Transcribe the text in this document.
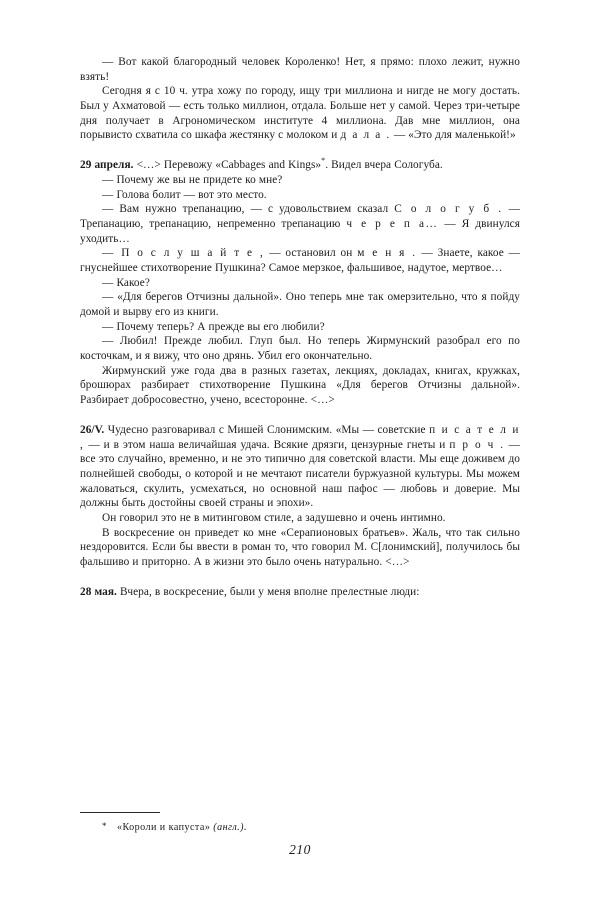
— Вот какой благородный человек Короленко! Нет, я прямо: плохо лежит, нужно взять!

Сегодня я с 10 ч. утра хожу по городу, ищу три миллиона и нигде не могу достать. Был у Ахматовой — есть только миллион, отдала. Больше нет у самой. Через три-четыре дня получает в Агрономическом институте 4 миллиона. Дав мне миллион, она порывисто схватила со шкафа жестянку с молоком и д а л а . — «Это для маленькой!»

29 апреля. <…> Перевожу «Cabbages and Kings»*. Видел вчера Сологуба.

— Почему же вы не придете ко мне?

— Голова болит — вот это место.

— Вам нужно трепанацию, — с удовольствием сказал С о л о г у б . — Трепанацию, трепанацию, непременно трепанацию ч е р е п а… — Я двинулся уходить…

— П о с л у ш а й т е , — остановил он м е н я . — Знаете, какое — гнуснейшее стихотворение Пушкина? Самое мерзкое, фальшивое, надутое, мертвое…

— Какое?

— «Для берегов Отчизны дальной». Оно теперь мне так омерзительно, что я пойду домой и вырву его из книги.

— Почему теперь? А прежде вы его любили?

— Любил! Прежде любил. Глуп был. Но теперь Жирмунский разобрал его по косточкам, и я вижу, что оно дрянь. Убил его окончательно.

Жирмунский уже года два в разных газетах, лекциях, докладах, книгах, кружках, брошюрах разбирает стихотворение Пушкина «Для берегов Отчизны дальной». Разбирает добросовестно, учено, всесторонне. <…>

26/V. Чудесно разговаривал с Мишей Слонимским. «Мы — советские п и с а т е л и , — и в этом наша величайшая удача. Всякие дрязги, цензурные гнеты и п р о ч . — все это случайно, временно, и не это типично для советской власти. Мы еще доживем до полнейшей свободы, о которой и не мечтают писатели буржуазной культуры. Мы можем жаловаться, скулить, усмехаться, но основной наш пафос — любовь и доверие. Мы должны быть достойны своей страны и эпохи».

Он говорил это не в митинговом стиле, а задушевно и очень интимно.

В воскресение он приведет ко мне «Серапионовых братьев». Жаль, что так сильно нездоровится. Если бы ввести в роман то, что говорил М. С[лонимский], получилось бы фальшиво и приторно. А в жизни это было очень натурально. <…>

28 мая. Вчера, в воскресение, были у меня вполне прелестные люди:

* «Короли и капуста» (англ.).
210
